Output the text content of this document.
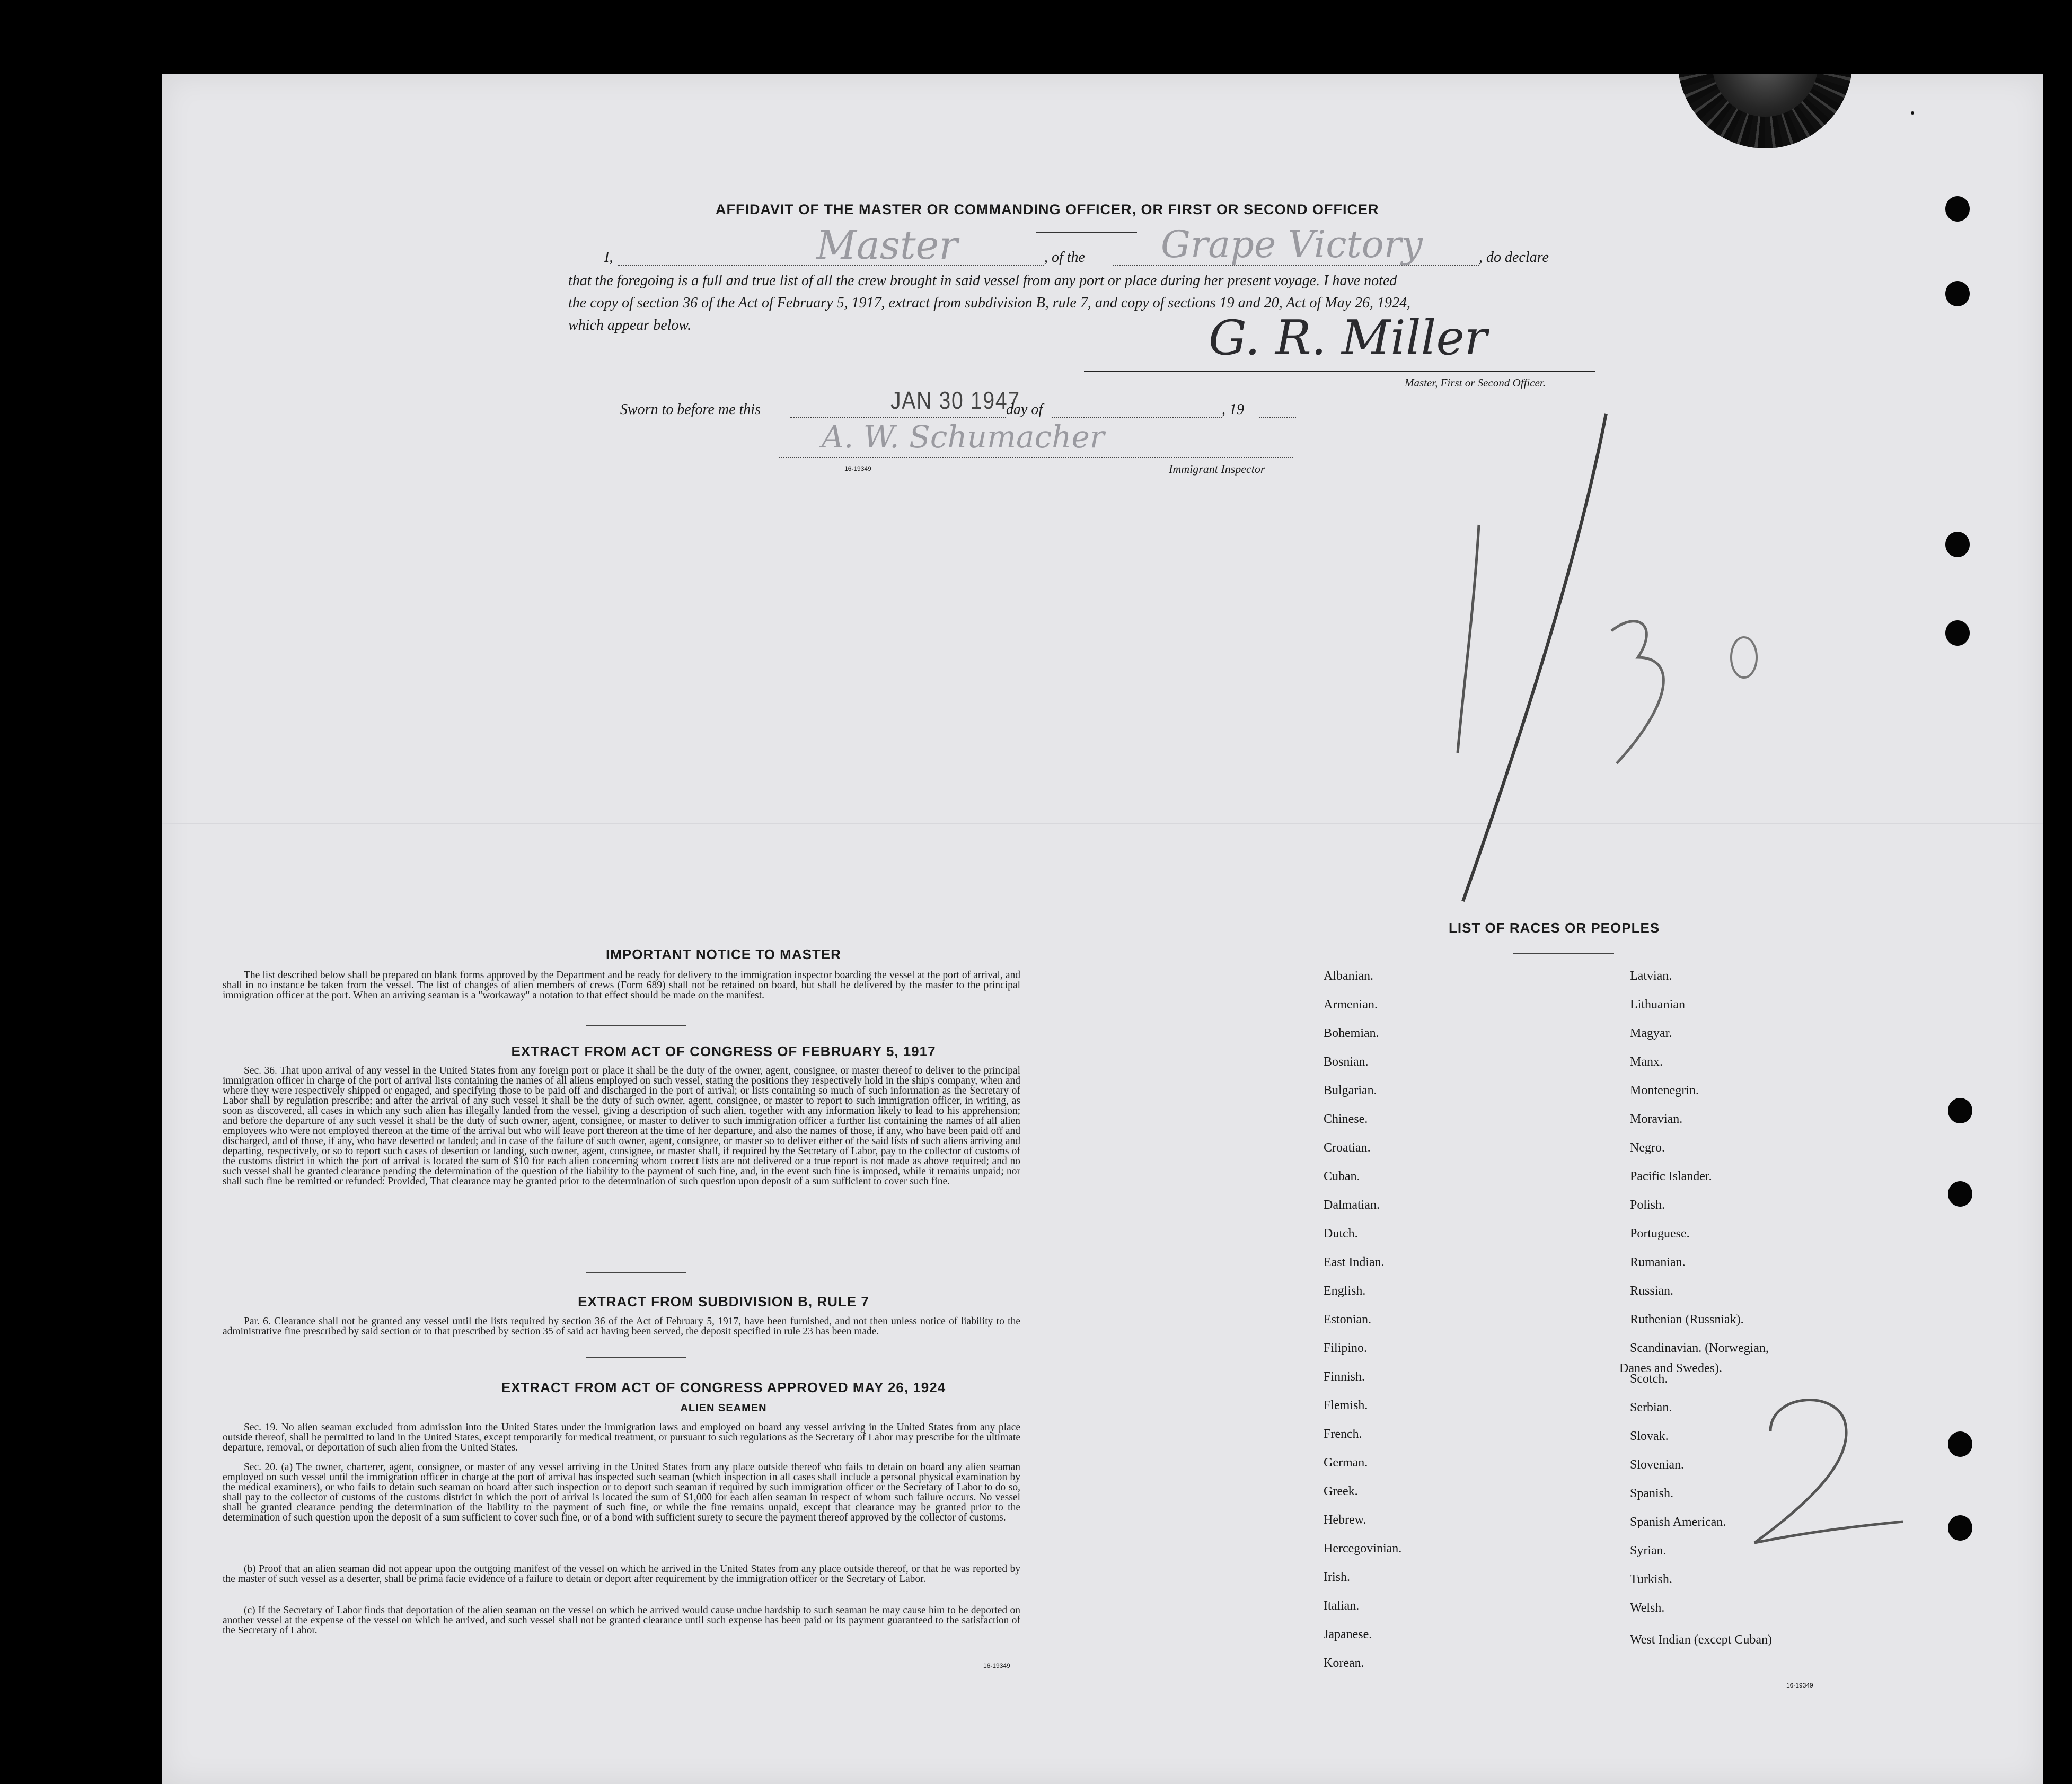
AFFIDAVIT OF THE MASTER OR COMMANDING OFFICER, OR FIRST OR SECOND OFFICER
I,	Master	, of the Grape Victory	, do declare
that the foregoing is a full and true list of all the crew brought in said vessel from any port or place during her present voyage. I have noted
the copy of section 36 of the Act of February 5, 1917, extract from subdivision B, rule 7, and copy of sections 19 and 20, Act of May 26, 1924,
which appear below.	G. R. Miller
Master, First or Second Officer.
Sworn to before me this	JAN 30 1947
day of	, 19
A. W. Schumacher
16-19349	Immigrant Inspector
IMPORTANT NOTICE TO MASTER
The list described below shall be prepared on blank forms approved by the Department and be ready for delivery to the immigration inspector boarding the vessel at the port of arrival, and shall in no instance be taken from the vessel. The list of changes of alien members of crews (Form 689) shall not be retained on board, but shall be delivered by the master to the principal immigration officer at the port. When an arriving seaman is a "workaway" a notation to that effect should be made on the manifest.
EXTRACT FROM ACT OF CONGRESS OF FEBRUARY 5, 1917
Sec. 36. That upon arrival of any vessel in the United States from any foreign port or place it shall be the duty of the owner, agent, consignee, or master thereof to deliver to the principal immigration officer in charge of the port of arrival lists containing the names of all aliens employed on such vessel, stating the positions they respectively hold in the ship's company, when and where they were respectively shipped or engaged, and specifying those to be paid off and discharged in the port of arrival; or lists containing so much of such information as the Secretary of Labor shall by regulation prescribe; and after the arrival of any such vessel it shall be the duty of such owner, agent, consignee, or master to report to such immigration officer, in writing, as soon as discovered, all cases in which any such alien has illegally landed from the vessel, giving a description of such alien, together with any information likely to lead to his apprehension; and before the departure of any such vessel it shall be the duty of such owner, agent, consignee, or master to deliver to such immigration officer a further list containing the names of all alien employees who were not employed thereon at the time of the arrival but who will leave port thereon at the time of her departure, and also the names of those, if any, who have been paid off and discharged, and of those, if any, who have deserted or landed; and in case of the failure of such owner, agent, consignee, or master so to deliver either of the said lists of such aliens arriving and departing, respectively, or so to report such cases of desertion or landing, such owner, agent, consignee, or master shall, if required by the Secretary of Labor, pay to the collector of customs of the customs district in which the port of arrival is located the sum of $10 for each alien concerning whom correct lists are not delivered or a true report is not made as above required; and no such vessel shall be granted clearance pending the determination of the question of the liability to the payment of such fine, and, in the event such fine is imposed, while it remains unpaid; nor shall such fine be remitted or refunded: Provided, That clearance may be granted prior to the determination of such question upon deposit of a sum sufficient to cover such fine.
EXTRACT FROM SUBDIVISION B, RULE 7
Par. 6. Clearance shall not be granted any vessel until the lists required by section 36 of the Act of February 5, 1917, have been furnished, and not then unless notice of liability to the administrative fine prescribed by said section or to that prescribed by section 35 of said act having been served, the deposit specified in rule 23 has been made.
EXTRACT FROM ACT OF CONGRESS APPROVED MAY 26, 1924
ALIEN SEAMEN
Sec. 19. No alien seaman excluded from admission into the United States under the immigration laws and employed on board any vessel arriving in the United States from any place outside thereof, shall be permitted to land in the United States, except temporarily for medical treatment, or pursuant to such regulations as the Secretary of Labor may prescribe for the ultimate departure, removal, or deportation of such alien from the United States.
Sec. 20. (a) The owner, charterer, agent, consignee, or master of any vessel arriving in the United States from any place outside thereof who fails to detain on board any alien seaman employed on such vessel until the immigration officer in charge at the port of arrival has inspected such seaman (which inspection in all cases shall include a personal physical examination by the medical examiners), or who fails to detain such seaman on board after such inspection or to deport such seaman if required by such immigration officer or the Secretary of Labor to do so, shall pay to the collector of customs of the customs district in which the port of arrival is located the sum of $1,000 for each alien seaman in respect of whom such failure occurs. No vessel shall be granted clearance pending the determination of the liability to the payment of such fine, or while the fine remains unpaid, except that clearance may be granted prior to the determination of such question upon the deposit of a sum sufficient to cover such fine, or of a bond with sufficient surety to secure the payment thereof approved by the collector of customs.
(b) Proof that an alien seaman did not appear upon the outgoing manifest of the vessel on which he arrived in the United States from any place outside thereof, or that he was reported by the master of such vessel as a deserter, shall be prima facie evidence of a failure to detain or deport after requirement by the immigration officer or the Secretary of Labor.
(c) If the Secretary of Labor finds that deportation of the alien seaman on the vessel on which he arrived would cause undue hardship to such seaman he may cause him to be deported on another vessel at the expense of the vessel on which he arrived, and such vessel shall not be granted clearance until such expense has been paid or its payment guaranteed to the satisfaction of the Secretary of Labor.
16-19349
LIST OF RACES OR PEOPLES
Albanian.
Armenian.
Bohemian.
Bosnian.
Bulgarian.
Chinese.
Croatian.
Cuban.
Dalmatian.
Dutch.
East Indian.
English.
Estonian.
Filipino.
Finnish.
Flemish.
French.
German.
Greek.
Hebrew.
Hercegovinian.
Irish.
Italian.
Japanese.
Korean.
Latvian.
Lithuanian
Magyar.
Manx.
Montenegrin.
Moravian.
Negro.
Pacific Islander.
Polish.
Portuguese.
Rumanian.
Russian.
Ruthenian (Russniak).
Scandinavian. (Norwegian,
Scotch.
Serbian.
Slovak.
Slovenian.
Spanish.
Spanish American.
Syrian.
Turkish.
Welsh.
West Indian (except Cuban)
Danes and Swedes).
16-19349
